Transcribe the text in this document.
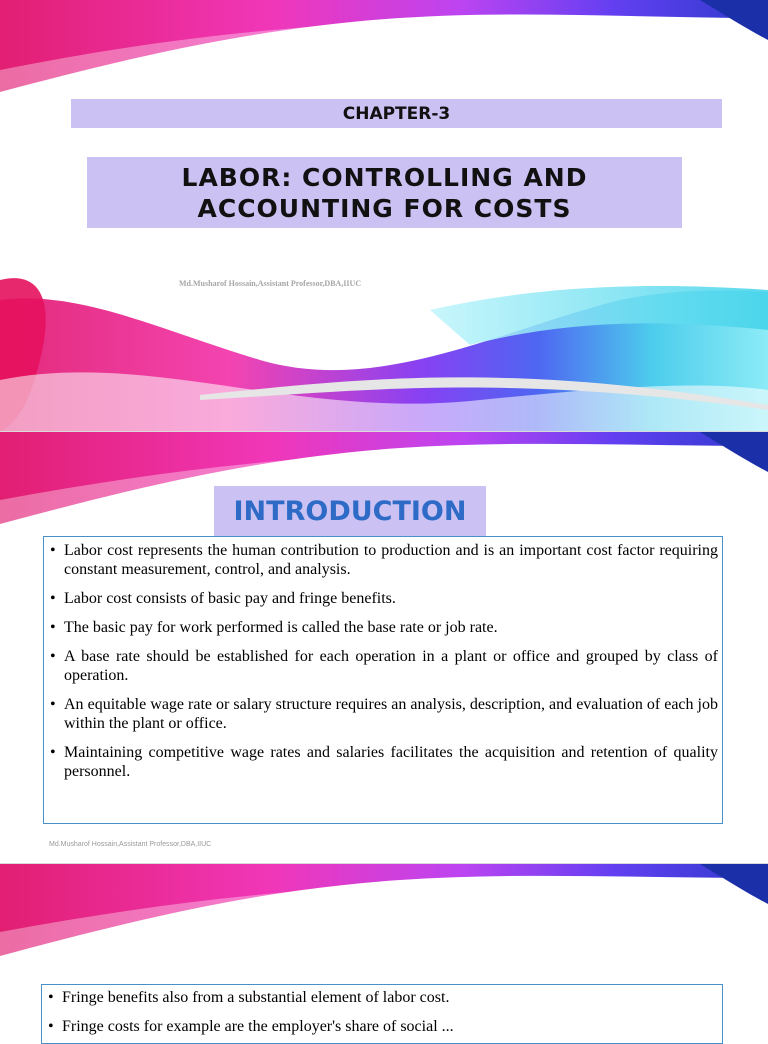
CHAPTER-3
LABOR: CONTROLLING AND
ACCOUNTING FOR COSTS
Md.Musharof Hossain,Assistant Professor,DBA,IIUC
INTRODUCTION
• Labor cost represents the human contribution to production and is an important cost factor requiring constant measurement, control, and analysis.
• Labor cost consists of basic pay and fringe benefits.
• The basic pay for work performed is called the base rate or job rate.
• A base rate should be established for each operation in a plant or office and grouped by class of operation.
• An equitable wage rate or salary structure requires an analysis, description, and evaluation of each job within the plant or office.
• Maintaining competitive wage rates and salaries facilitates the acquisition and retention of quality personnel.
Md.Musharof Hossain,Assistant Professor,DBA,IIUC
• Fringe benefits also from a substantial element of labor cost.
• Fringe costs for example are the employer's share of social ...
